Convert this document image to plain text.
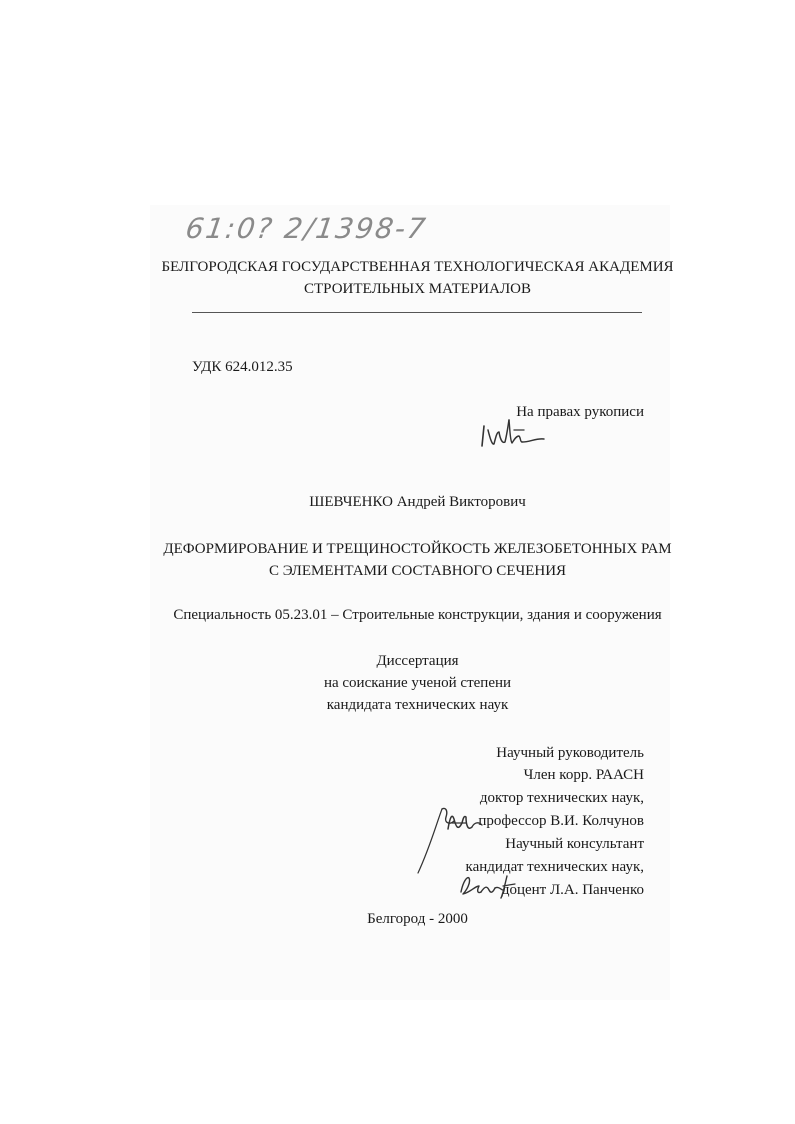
61:0? 2/1398-7
БЕЛГОРОДСКАЯ ГОСУДАРСТВЕННАЯ ТЕХНОЛОГИЧЕСКАЯ АКАДЕМИЯ
СТРОИТЕЛЬНЫХ МАТЕРИАЛОВ
УДК 624.012.35
На правах рукописи
ШЕВЧЕНКО Андрей Викторович
ДЕФОРМИРОВАНИЕ И ТРЕЩИНОСТОЙКОСТЬ ЖЕЛЕЗОБЕТОННЫХ РАМ
С ЭЛЕМЕНТАМИ СОСТАВНОГО СЕЧЕНИЯ
Специальность 05.23.01 – Строительные конструкции, здания и сооружения
Диссертация
на соискание ученой степени
кандидата технических наук
Научный руководитель
Член корр. РААСН
доктор технических наук,
профессор В.И. Колчунов
Научный консультант
кандидат технических наук,
доцент Л.А. Панченко
Белгород - 2000
